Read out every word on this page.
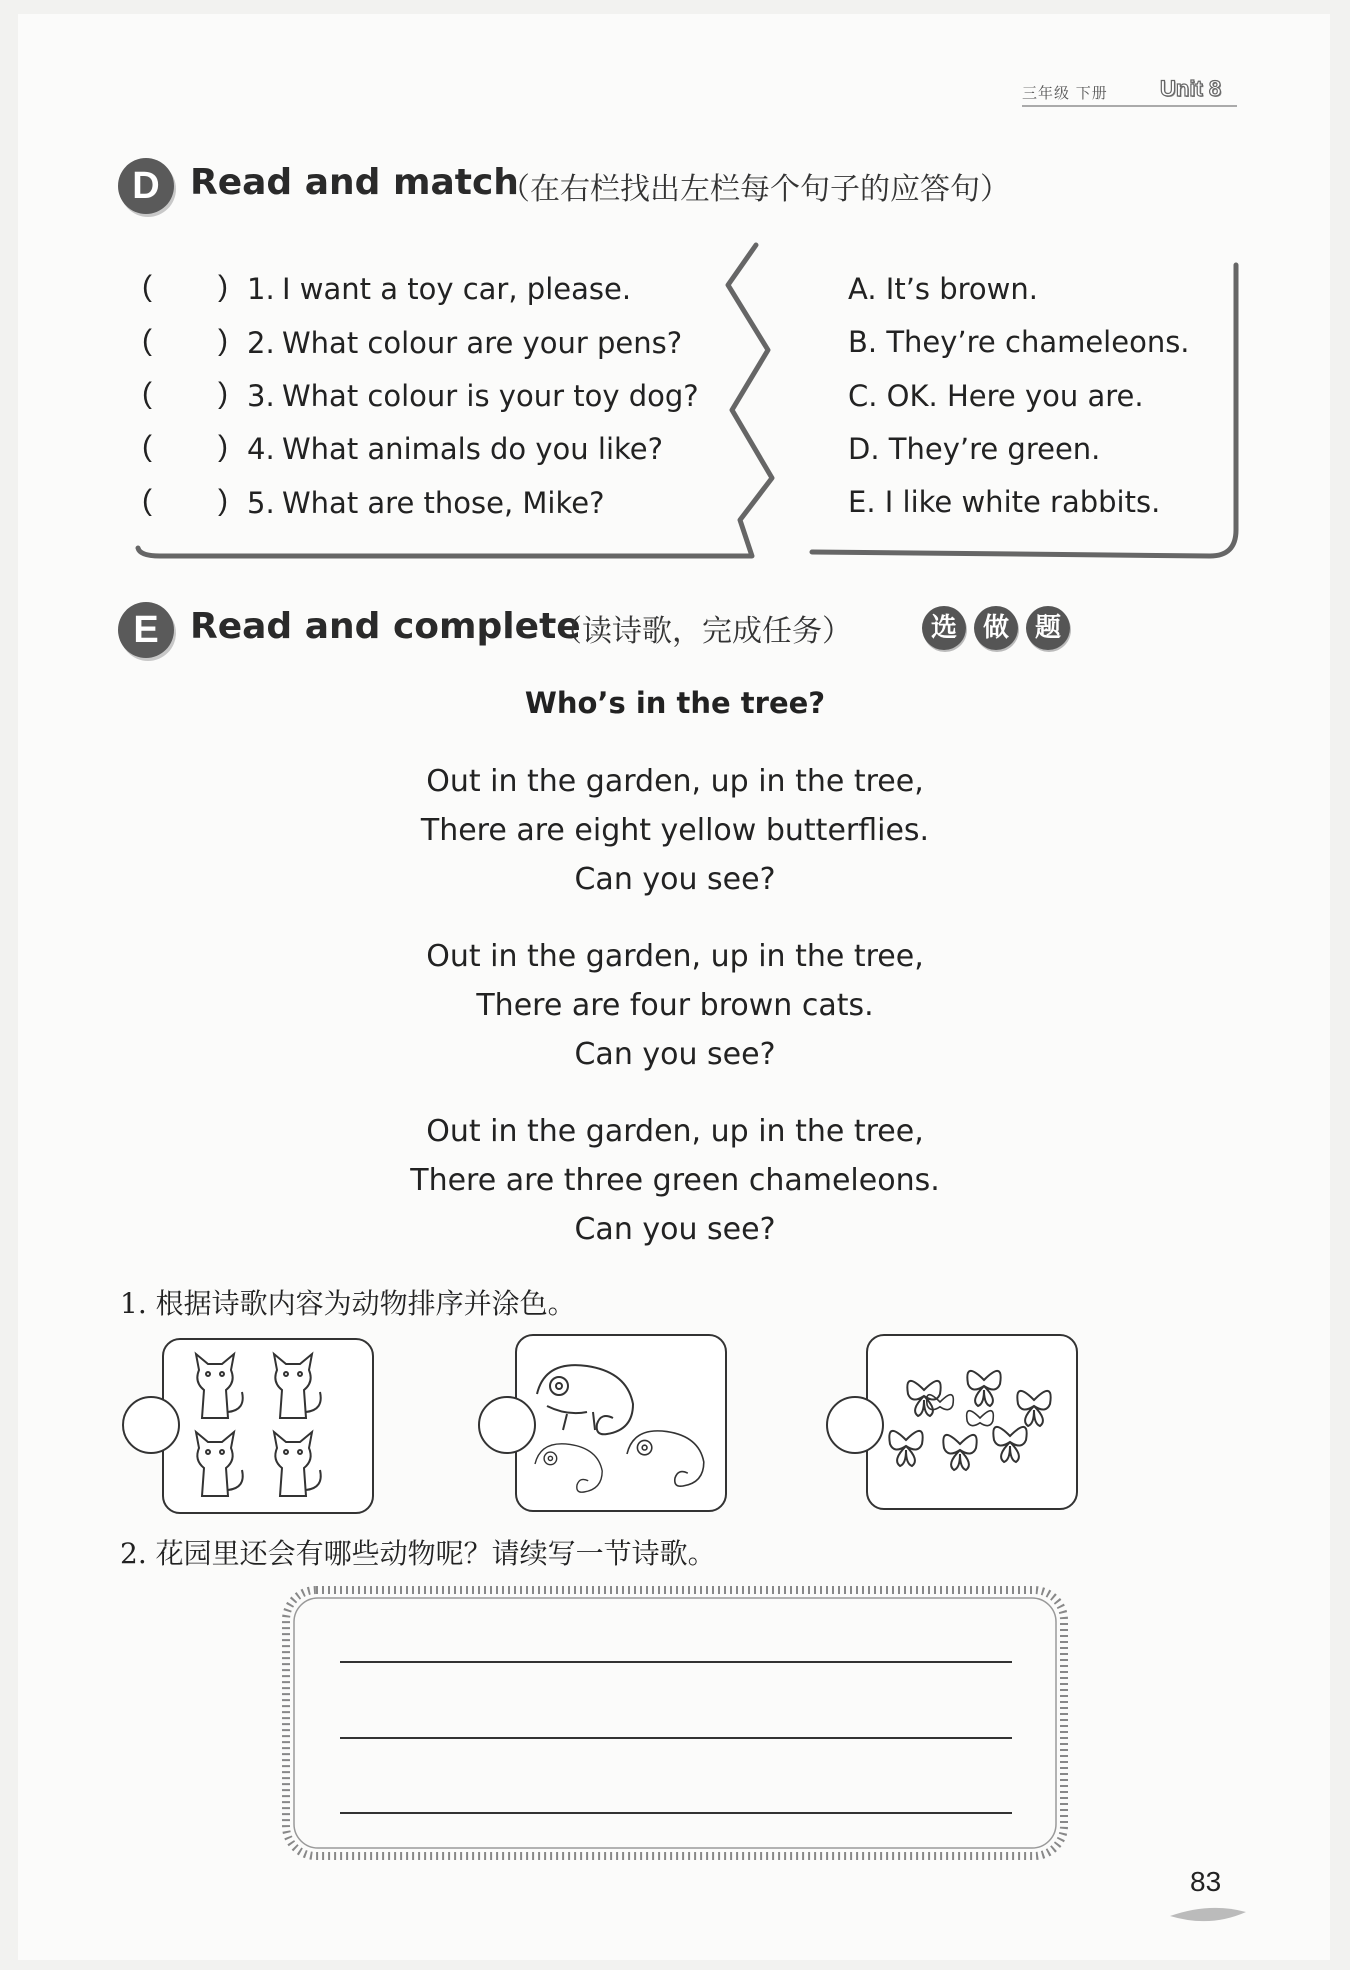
三年级 下册 Unit 8
D Read and match
（在右栏找出左栏每个句子的应答句）
( ) 1. I want a toy car, please.
( ) 2. What colour are your pens?
( ) 3. What colour is your toy dog?
( ) 4. What animals do you like?
( ) 5. What are those, Mike?
A. It’s brown.
B. They’re chameleons.
C. OK. Here you are.
D. They’re green.
E. I like white rabbits.
E Read and complete
（读诗歌，完成任务）	选 做 题
Who’s in the tree?
Out in the garden, up in the tree,
There are eight yellow butterflies.
Can you see?
Out in the garden, up in the tree,
There are four brown cats.
Can you see?
Out in the garden, up in the tree,
There are three green chameleons.
Can you see?
1. 根据诗歌内容为动物排序并涂色。
2. 花园里还会有哪些动物呢？请续写一节诗歌。
83
